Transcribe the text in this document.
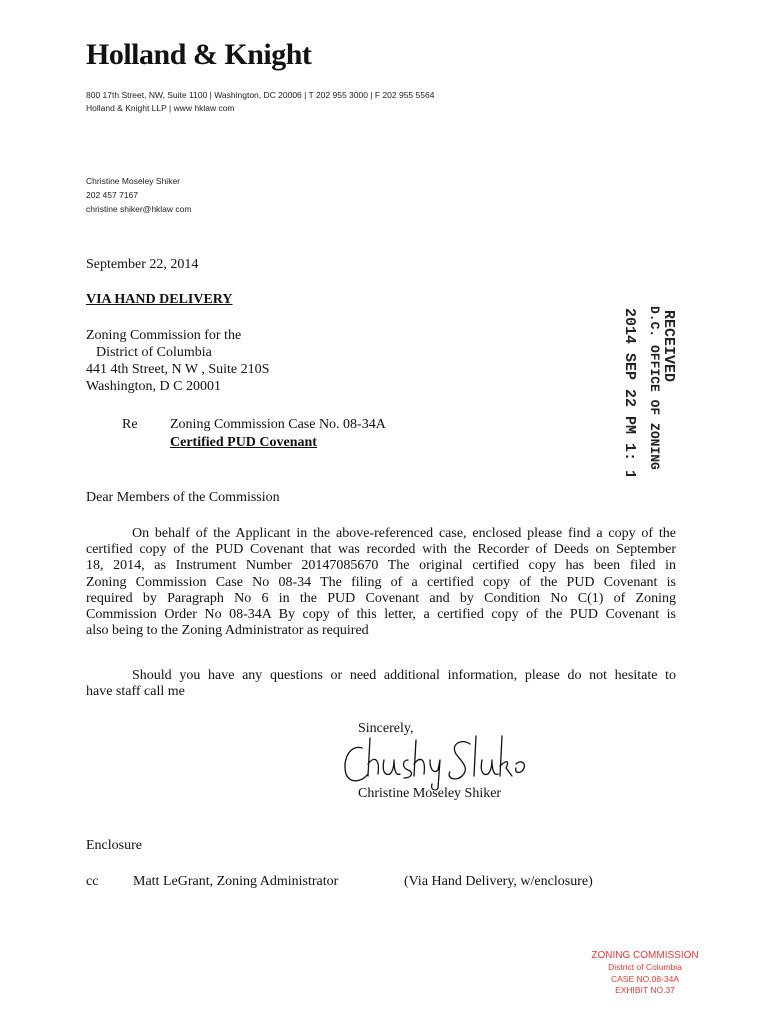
Holland & Knight
800 17th Street, NW, Suite 1100 | Washington, DC 20006 | T 202 955 3000 | F 202 955 5564
Holland & Knight LLP | www hklaw com
Christine Moseley Shiker
202 457 7167
christine shiker@hklaw com
September 22, 2014
VIA HAND DELIVERY
Zoning Commission for the
District of Columbia
441 4th Street, N W , Suite 210S
Washington, D C 20001
Re Zoning Commission Case No. 08-34A
Certified PUD Covenant
RECEIVED
D.C. OFFICE OF ZONING
2014 SEP 22 PM 1: 16
Dear Members of the Commission
On behalf of the Applicant in the above-referenced case, enclosed please find a copy of the
certified copy of the PUD Covenant that was recorded with the Recorder of Deeds on September
18, 2014, as Instrument Number 20147085670 The original certified copy has been filed in
Zoning Commission Case No 08-34 The filing of a certified copy of the PUD Covenant is
required by Paragraph No 6 in the PUD Covenant and by Condition No C(1) of Zoning
Commission Order No 08-34A By copy of this letter, a certified copy of the PUD Covenant is
also being to the Zoning Administrator as required
Should you have any questions or need additional information, please do not hesitate to
have staff call me
Sincerely,
Christine Moseley Shiker
Enclosure
cc Matt LeGrant, Zoning Administrator	(Via Hand Delivery, w/enclosure)
ZONING COMMISSION
District of Columbia
CASE NO.08-34A
EXHIBIT NO.37
